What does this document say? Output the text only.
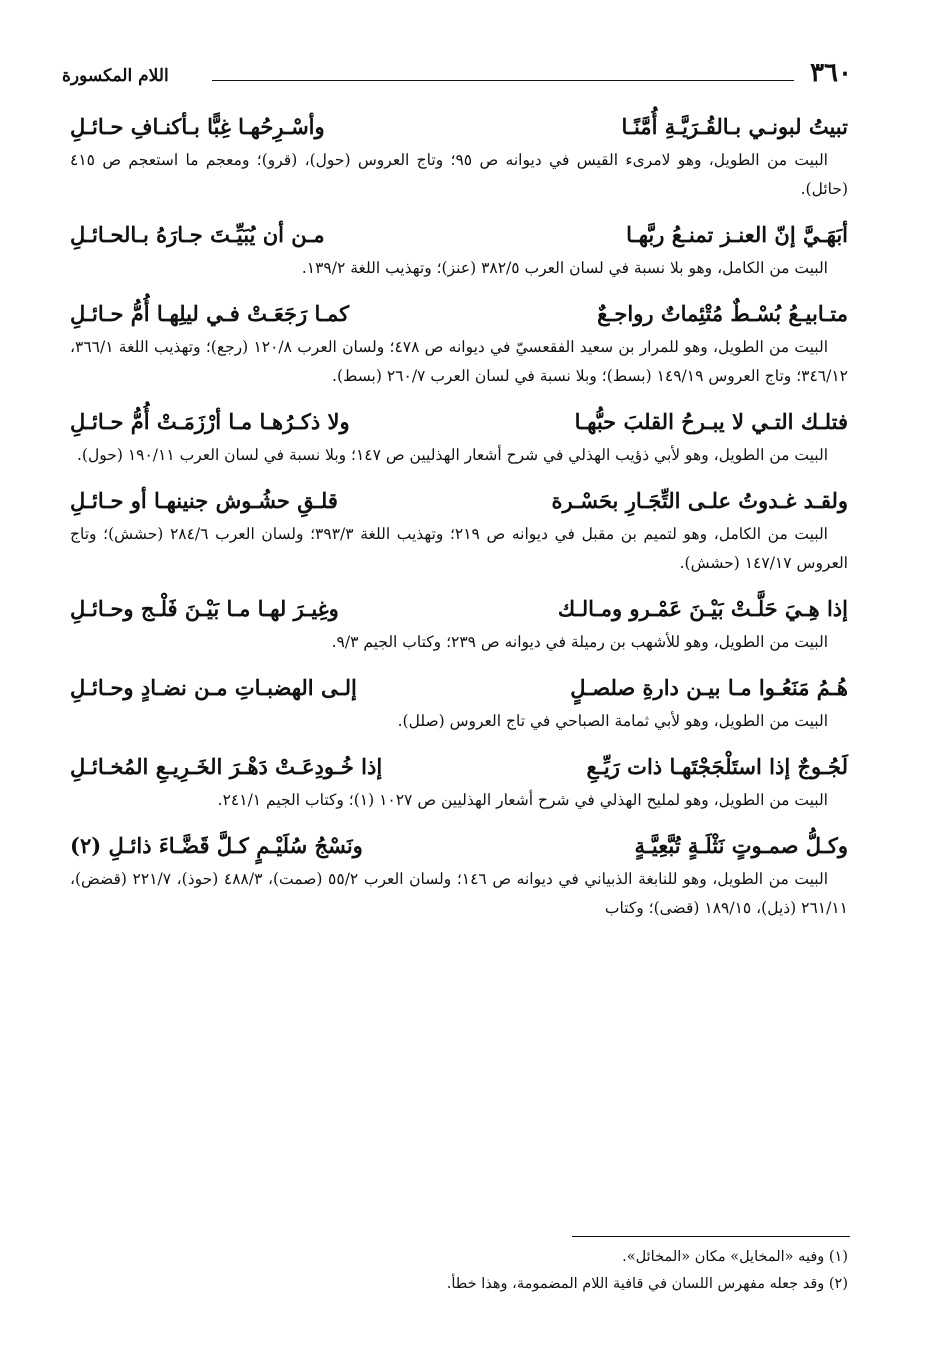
٣٦٠
اللام المكسورة
تبيتُ لبونـي بـالقُـرَيَّـةِ أُمَّنًـا
وأسْـرِحُهـا غِبًّا بـأكنـافِ حـائـلِ

البيت من الطويل، وهو لامرىء القيس في ديوانه ص ٩٥؛ وتاج العروس (حول)، (قرو)؛ ومعجم ما استعجم ص ٤١٥ (حائل).

أبَهَـيَّ إنّ العنـز تمنـعُ ربَّهـا
مـن أن يُبَيِّـتَ جـارَهُ بـالحـائـلِ

البيت من الكامل، وهو بلا نسبة في لسان العرب ٣٨٢/٥ (عنز)؛ وتهذيب اللغة ١٣٩/٢.

متـابيـعُ بُسْـطٌ مُتْئِماتٌ رواجـعٌ
كمـا رَجَعَـتْ فـي ليلِهـا أُمُّ حـائـلِ

البيت من الطويل، وهو للمرار بن سعيد الفقعسيّ في ديوانه ص ٤٧٨؛ ولسان العرب ١٢٠/٨ (رجع)؛ وتهذيب اللغة ٣٦٦/١، ٣٤٦/١٢؛ وتاج العروس ١٤٩/١٩ (بسط)؛ وبلا نسبة في لسان العرب ٢٦٠/٧ (بسط).

فتلـك التـي لا يبـرحُ القلبَ حبُّهـا
ولا ذكـرُهـا مـا أرْزَمَـتْ أُمُّ حـائـلِ

البيت من الطويل، وهو لأبي ذؤيب الهذلي في شرح أشعار الهذليين ص ١٤٧؛ وبلا نسبة في لسان العرب ١٩٠/١١ (حول).

ولقـد غـدوتُ علـى التِّجَـارِ بحَسْـرة
قلـقِ حشُـوش جنينهـا أو حـائـلِ

البيت من الكامل، وهو لتميم بن مقبل في ديوانه ص ٢١٩؛ وتهذيب اللغة ٣٩٣/٣؛ ولسان العرب ٢٨٤/٦ (حشش)؛ وتاج العروس ١٤٧/١٧ (حشش).

إذا هِـيَ حَلَّـتْ بَيْـنَ عَمْـرو ومـالـك
وغِيـرَ لهـا مـا بَيْـنَ فَلْـج وحـائـلِ

البيت من الطويل، وهو للأشهب بن رميلة في ديوانه ص ٢٣٩؛ وكتاب الجيم ٩/٣.

هُـمُ مَنَعُـوا مـا بيـن دارةِ صلصـلٍ
إلـى الهضبـاتِ مـن نضـادٍ وحـائـلِ

البيت من الطويل، وهو لأبي ثمامة الصباحي في تاج العروس (صلل).

لَجُـوجٌ إذا استَلْجَجْتَهـا ذات رَيِّـعِ
إذا خُـودِعَـتْ دَهْـرَ الخَـرِيـعِ المُخـائـلِ

البيت من الطويل، وهو لمليح الهذلي في شرح أشعار الهذليين ص ١٠٢٧ (١)؛ وكتاب الجيم ٢٤١/١.

وكـلُّ صمـوتٍ نَثْلَـةٍ تُبَّعِيَّـةٍ
ونَسْجُ سُلَيْـمٍ كـلَّ قَضَّـاءَ ذائـلِ (٢)

البيت من الطويل، وهو للنابغة الذبياني في ديوانه ص ١٤٦؛ ولسان العرب ٥٥/٢ (صمت)، ٤٨٨/٣ (حوذ)، ٢٢١/٧ (قضض)، ٢٦١/١١ (ذيل)، ١٨٩/١٥ (قضى)؛ وكتاب

(١) وفيه «المخايل» مكان «المخائل».

(٢) وقد جعله مفهرس اللسان في قافية اللام المضمومة، وهذا خطأ.
